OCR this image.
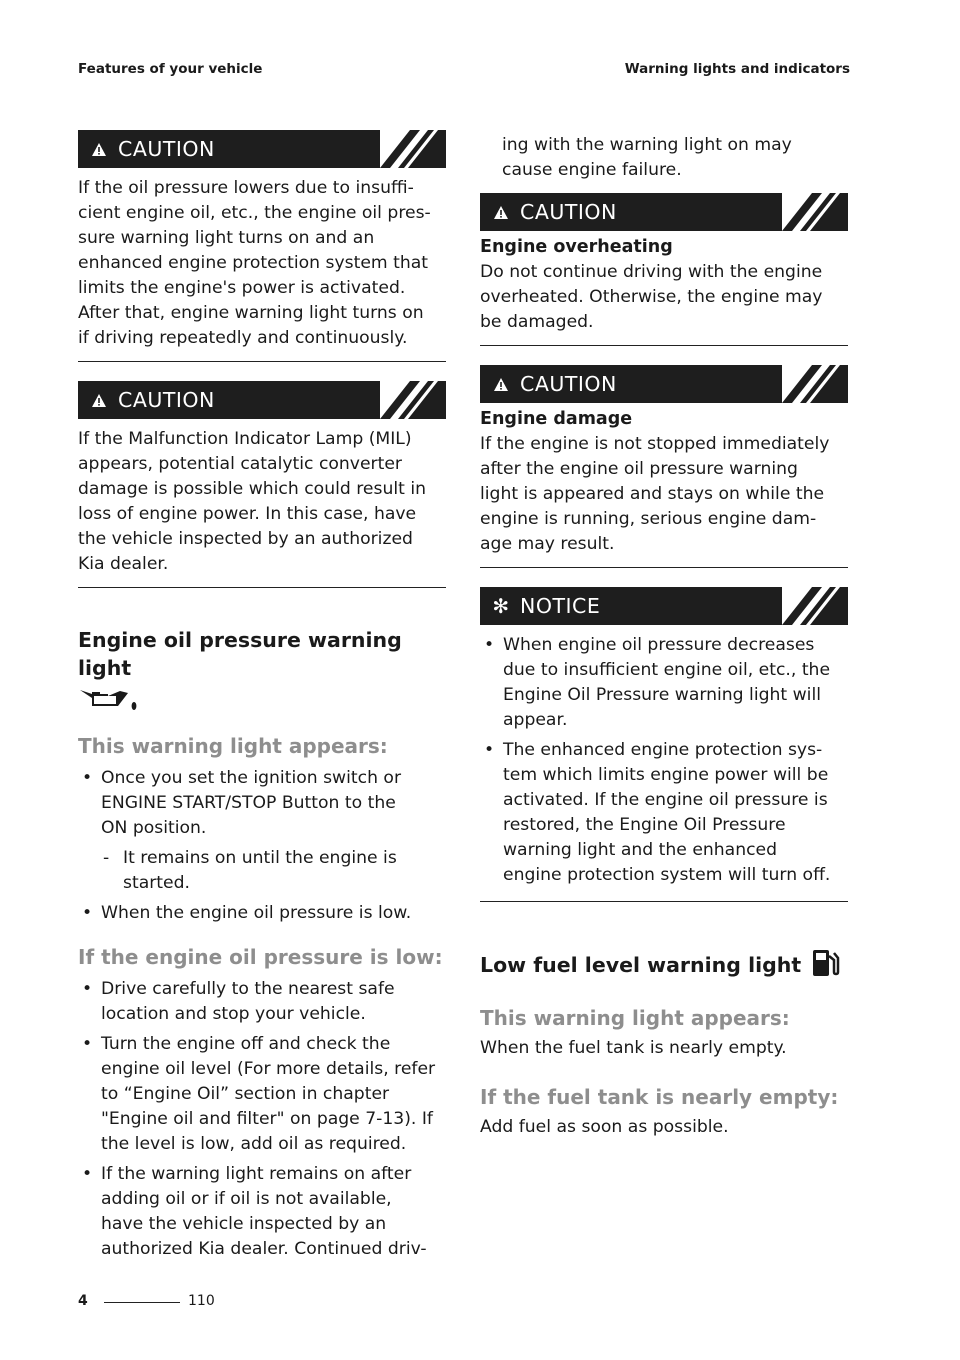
Features of your vehicle	Warning lights and indicators
CAUTION

If the oil pressure lowers due to insuffi-

cient engine oil, etc., the engine oil pres-

sure warning light turns on and an

enhanced engine protection system that

limits the engine's power is activated.

After that, engine warning light turns on

if driving repeatedly and continuously.

CAUTION

If the Malfunction Indicator Lamp (MIL)

appears, potential catalytic converter

damage is possible which could result in

loss of engine power. In this case, have

the vehicle inspected by an authorized

Kia dealer.

Engine oil pressure warning light
This warning light appears:
• Once you set the ignition switch or
ENGINE START/STOP Button to the
ON position.
- It remains on until the engine is
started.
• When the engine oil pressure is low.
If the engine oil pressure is low:
• Drive carefully to the nearest safe
location and stop your vehicle.
• Turn the engine off and check the
engine oil level (For more details, refer
to “Engine Oil” section in chapter
"Engine oil and filter" on page 7-13). If
the level is low, add oil as required.
• If the warning light remains on after
adding oil or if oil is not available,
have the vehicle inspected by an
authorized Kia dealer. Continued driv-

ing with the warning light on may

cause engine failure.

CAUTION

Engine overheating

Do not continue driving with the engine

overheated. Otherwise, the engine may

be damaged.

CAUTION

Engine damage

If the engine is not stopped immediately

after the engine oil pressure warning

light is appeared and stays on while the

engine is running, serious engine dam-

age may result.

✻ NOTICE
• When engine oil pressure decreases
due to insufficient engine oil, etc., the
Engine Oil Pressure warning light will
appear.
• The enhanced engine protection sys-
tem which limits engine power will be
activated. If the engine oil pressure is
restored, the Engine Oil Pressure
warning light and the enhanced
engine protection system will turn off.
Low fuel level warning light
This warning light appears:

When the fuel tank is nearly empty.

If the fuel tank is nearly empty:

Add fuel as soon as possible.

4	110
